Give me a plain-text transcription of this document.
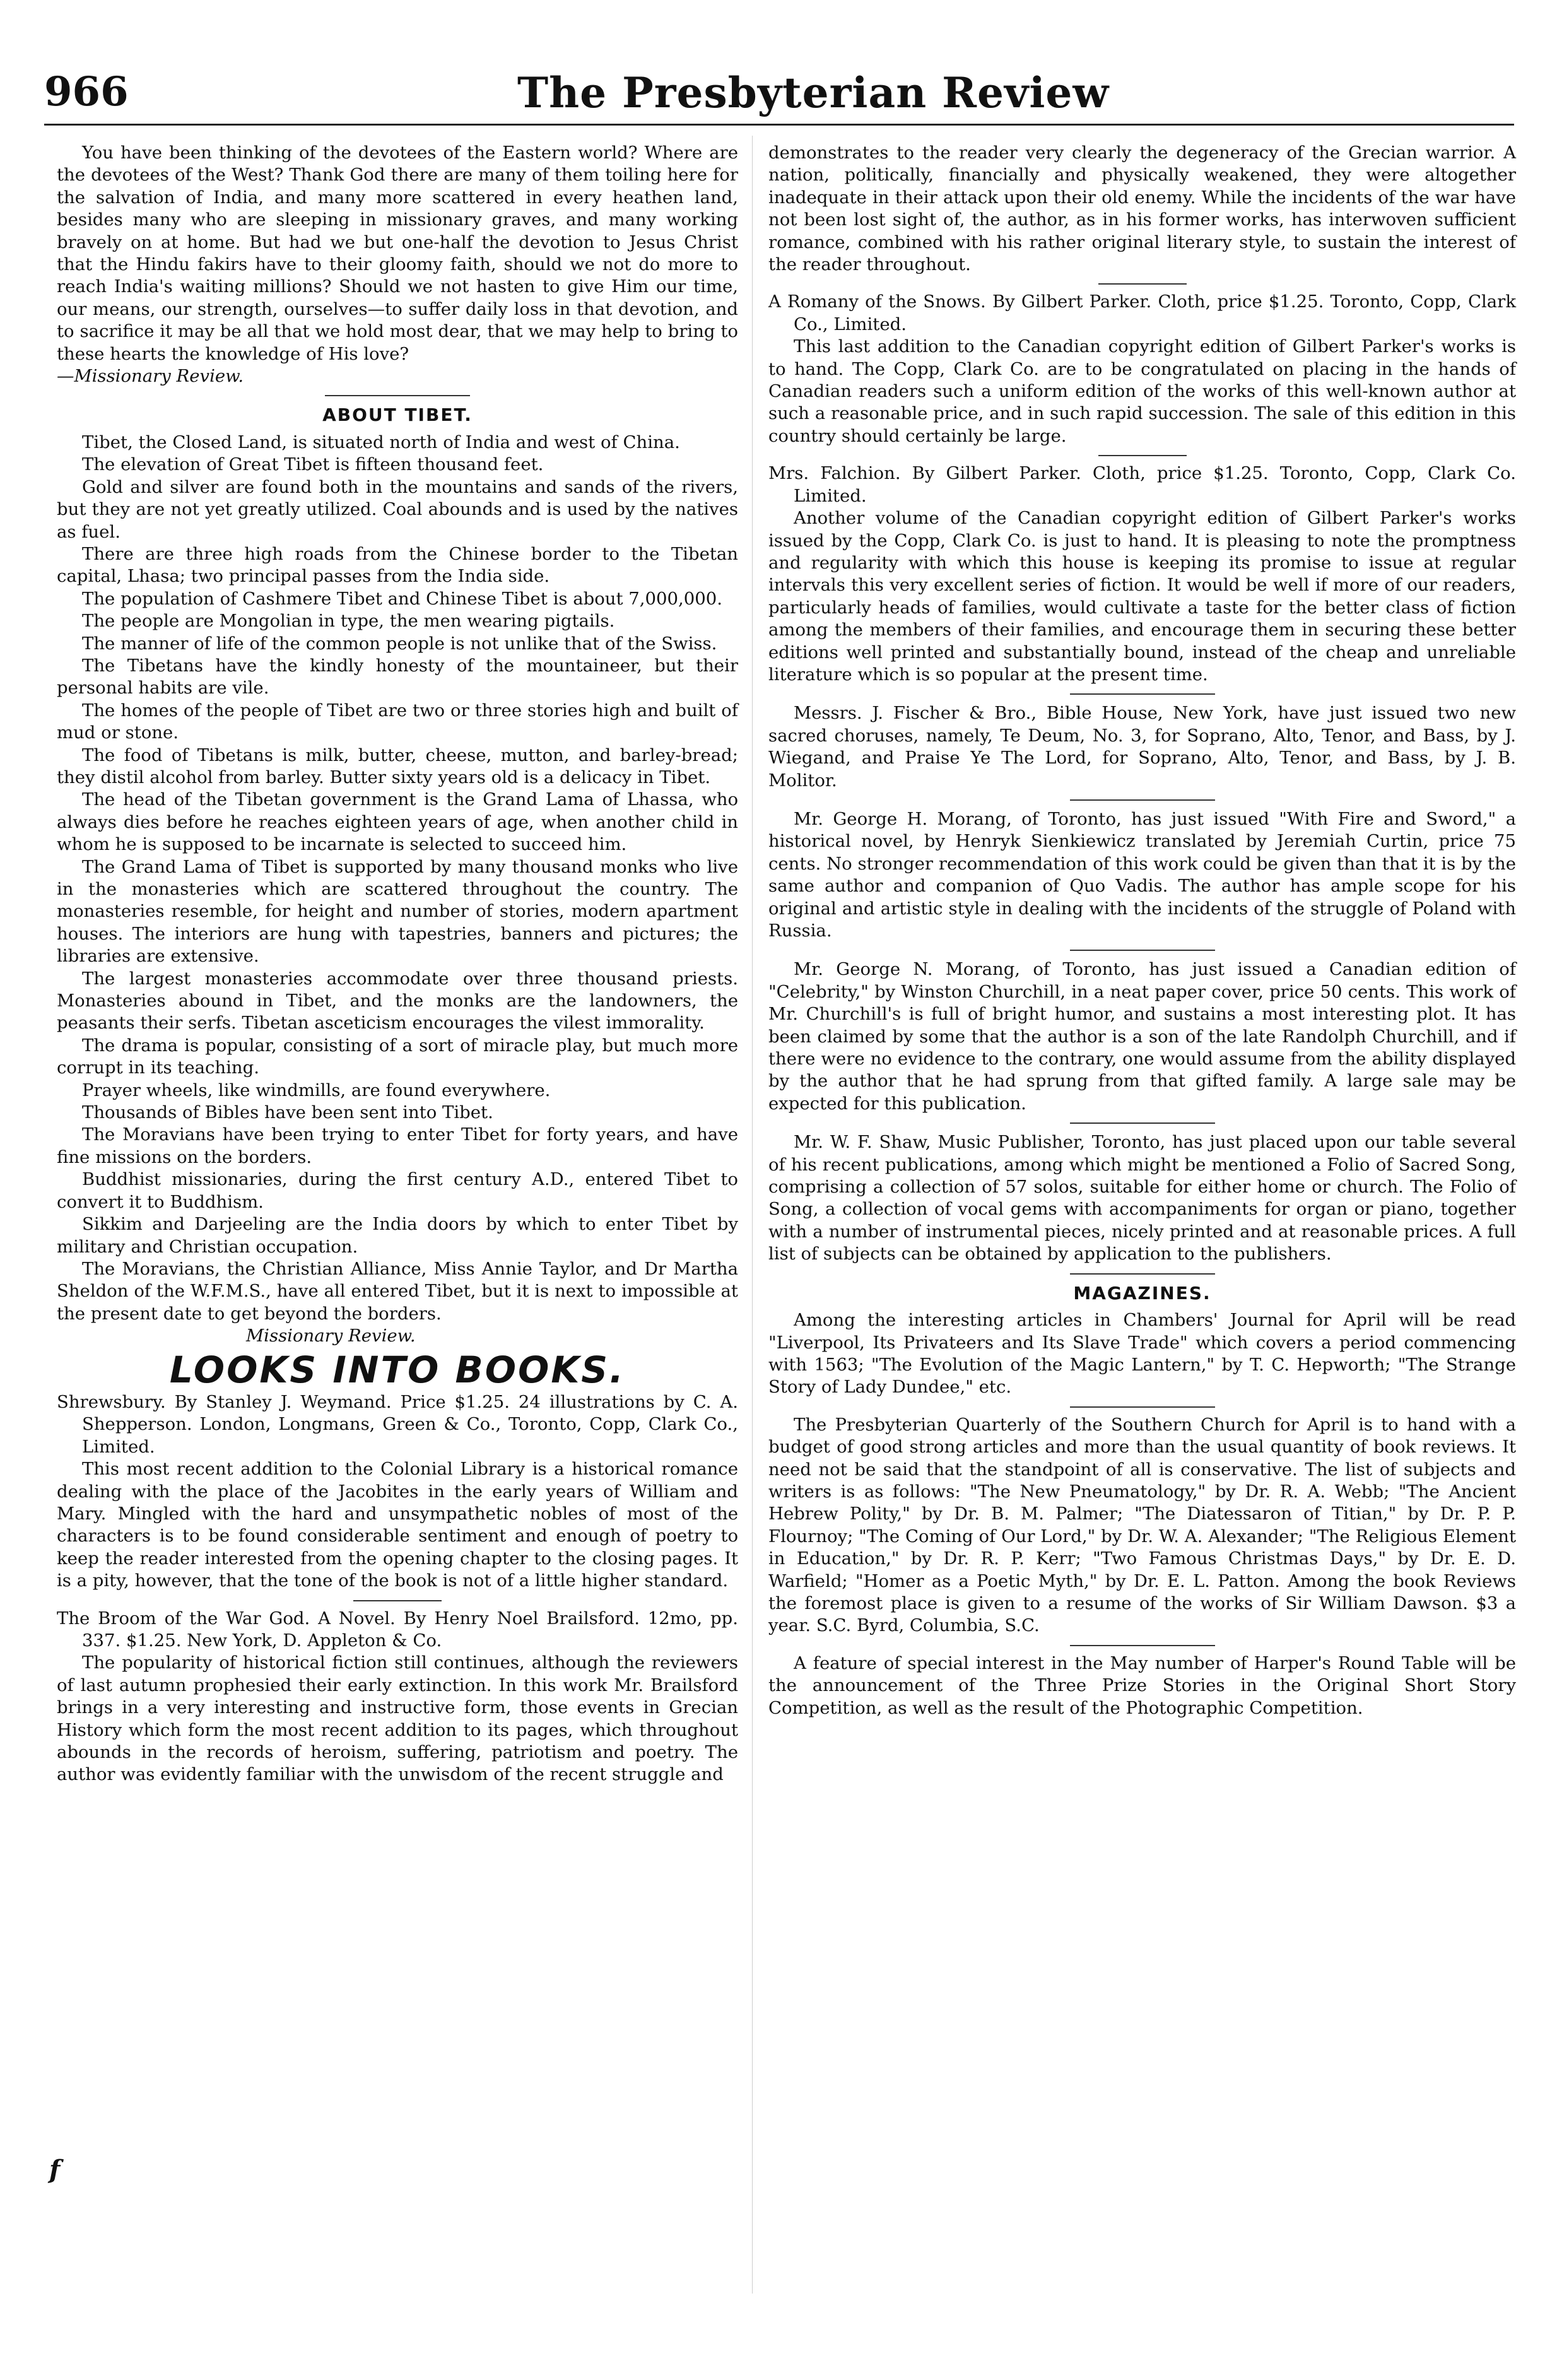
966	The Presbyterian Review

You have been thinking of the devotees of the Eastern world? Where are the devotees of the West? Thank God there are many of them toiling here for the salvation of India, and many more scattered in every heathen land, besides many who are sleeping in missionary graves, and many working bravely on at home. But had we but one-half the devotion to Jesus Christ that the Hindu fakirs have to their gloomy faith, should we not do more to reach India's waiting millions? Should we not hasten to give Him our time, our means, our strength, ourselves—to suffer daily loss in that devotion, and to sacrifice it may be all that we hold most dear, that we may help to bring to these hearts the knowledge of His love?

—Missionary Review.

ABOUT TIBET.

Tibet, the Closed Land, is situated north of India and west of China.

The elevation of Great Tibet is fifteen thousand feet.

Gold and silver are found both in the mountains and sands of the rivers, but they are not yet greatly utilized. Coal abounds and is used by the natives as fuel.

There are three high roads from the Chinese border to the Tibetan capital, Lhasa; two principal passes from the India side.

The population of Cashmere Tibet and Chinese Tibet is about 7,000,000.

The people are Mongolian in type, the men wearing pigtails.

The manner of life of the common people is not unlike that of the Swiss.

The Tibetans have the kindly honesty of the mountaineer, but their personal habits are vile.

The homes of the people of Tibet are two or three stories high and built of mud or stone.

The food of Tibetans is milk, butter, cheese, mutton, and barley-bread; they distil alcohol from barley. Butter sixty years old is a delicacy in Tibet.

The head of the Tibetan government is the Grand Lama of Lhassa, who always dies before he reaches eighteen years of age, when another child in whom he is supposed to be incarnate is selected to succeed him.

The Grand Lama of Tibet is supported by many thousand monks who live in the monasteries which are scattered throughout the country. The monasteries resemble, for height and number of stories, modern apartment houses. The interiors are hung with tapestries, banners and pictures; the libraries are extensive.

The largest monasteries accommodate over three thousand priests. Monasteries abound in Tibet, and the monks are the landowners, the peasants their serfs. Tibetan asceticism encourages the vilest immorality.

The drama is popular, consisting of a sort of miracle play, but much more corrupt in its teaching.

Prayer wheels, like windmills, are found everywhere.

Thousands of Bibles have been sent into Tibet.

The Moravians have been trying to enter Tibet for forty years, and have fine missions on the borders.

Buddhist missionaries, during the first century A.D., entered Tibet to convert it to Buddhism.

Sikkim and Darjeeling are the India doors by which to enter Tibet by military and Christian occupation.

The Moravians, the Christian Alliance, Miss Annie Taylor, and Dr Martha Sheldon of the W.F.M.S., have all entered Tibet, but it is next to impossible at the present date to get beyond the borders.

Missionary Review.

LOOKS INTO BOOKS.

Shrewsbury. By Stanley J. Weymand. Price $1.25. 24 illustrations by C. A. Shepperson. London, Longmans, Green & Co., Toronto, Copp, Clark Co., Limited.

This most recent addition to the Colonial Library is a historical romance dealing with the place of the Jacobites in the early years of William and Mary. Mingled with the hard and unsympathetic nobles of most of the characters is to be found considerable sentiment and enough of poetry to keep the reader interested from the opening chapter to the closing pages. It is a pity, however, that the tone of the book is not of a little higher standard.

The Broom of the War God. A Novel. By Henry Noel Brailsford. 12mo, pp. 337. $1.25. New York, D. Appleton & Co.

The popularity of historical fiction still continues, although the reviewers of last autumn prophesied their early extinction. In this work Mr. Brailsford brings in a very interesting and instructive form, those events in Grecian History which form the most recent addition to its pages, which throughout abounds in the records of heroism, suffering, patriotism and poetry. The author was evidently familiar with the unwisdom of the recent struggle and

f

demonstrates to the reader very clearly the degeneracy of the Grecian warrior. A nation, politically, financially and physically weakened, they were altogether inadequate in their attack upon their old enemy. While the incidents of the war have not been lost sight of, the author, as in his former works, has interwoven sufficient romance, combined with his rather original literary style, to sustain the interest of the reader throughout.

A Romany of the Snows. By Gilbert Parker. Cloth, price $1.25. Toronto, Copp, Clark Co., Limited.

This last addition to the Canadian copyright edition of Gilbert Parker's works is to hand. The Copp, Clark Co. are to be congratulated on placing in the hands of Canadian readers such a uniform edition of the works of this well-known author at such a reasonable price, and in such rapid succession. The sale of this edition in this country should certainly be large.

Mrs. Falchion. By Gilbert Parker. Cloth, price $1.25. Toronto, Copp, Clark Co. Limited.

Another volume of the Canadian copyright edition of Gilbert Parker's works issued by the Copp, Clark Co. is just to hand. It is pleasing to note the promptness and regularity with which this house is keeping its promise to issue at regular intervals this very excellent series of fiction. It would be well if more of our readers, particularly heads of families, would cultivate a taste for the better class of fiction among the members of their families, and encourage them in securing these better editions well printed and substantially bound, instead of the cheap and unreliable literature which is so popular at the present time.

Messrs. J. Fischer & Bro., Bible House, New York, have just issued two new sacred choruses, namely, Te Deum, No. 3, for Soprano, Alto, Tenor, and Bass, by J. Wiegand, and Praise Ye The Lord, for Soprano, Alto, Tenor, and Bass, by J. B. Molitor.

Mr. George H. Morang, of Toronto, has just issued "With Fire and Sword," a historical novel, by Henryk Sienkiewicz translated by Jeremiah Curtin, price 75 cents. No stronger recommendation of this work could be given than that it is by the same author and companion of Quo Vadis. The author has ample scope for his original and artistic style in dealing with the incidents of the struggle of Poland with Russia.

Mr. George N. Morang, of Toronto, has just issued a Canadian edition of "Celebrity," by Winston Churchill, in a neat paper cover, price 50 cents. This work of Mr. Churchill's is full of bright humor, and sustains a most interesting plot. It has been claimed by some that the author is a son of the late Randolph Churchill, and if there were no evidence to the contrary, one would assume from the ability displayed by the author that he had sprung from that gifted family. A large sale may be expected for this publication.

Mr. W. F. Shaw, Music Publisher, Toronto, has just placed upon our table several of his recent publications, among which might be mentioned a Folio of Sacred Song, comprising a collection of 57 solos, suitable for either home or church. The Folio of Song, a collection of vocal gems with accompaniments for organ or piano, together with a number of instrumental pieces, nicely printed and at reasonable prices. A full list of subjects can be obtained by application to the publishers.

MAGAZINES.

Among the interesting articles in Chambers' Journal for April will be read "Liverpool, Its Privateers and Its Slave Trade" which covers a period commencing with 1563; "The Evolution of the Magic Lantern," by T. C. Hepworth; "The Strange Story of Lady Dundee," etc.

The Presbyterian Quarterly of the Southern Church for April is to hand with a budget of good strong articles and more than the usual quantity of book reviews. It need not be said that the standpoint of all is conservative. The list of subjects and writers is as follows: "The New Pneumatology," by Dr. R. A. Webb; "The Ancient Hebrew Polity," by Dr. B. M. Palmer; "The Diatessaron of Titian," by Dr. P. P. Flournoy; "The Coming of Our Lord," by Dr. W. A. Alexander; "The Religious Element in Education," by Dr. R. P. Kerr; "Two Famous Christmas Days," by Dr. E. D. Warfield; "Homer as a Poetic Myth," by Dr. E. L. Patton. Among the book Reviews the foremost place is given to a resume of the works of Sir William Dawson. $3 a year. S.C. Byrd, Columbia, S.C.

A feature of special interest in the May number of Harper's Round Table will be the announcement of the Three Prize Stories in the Original Short Story Competition, as well as the result of the Photographic Competition.
